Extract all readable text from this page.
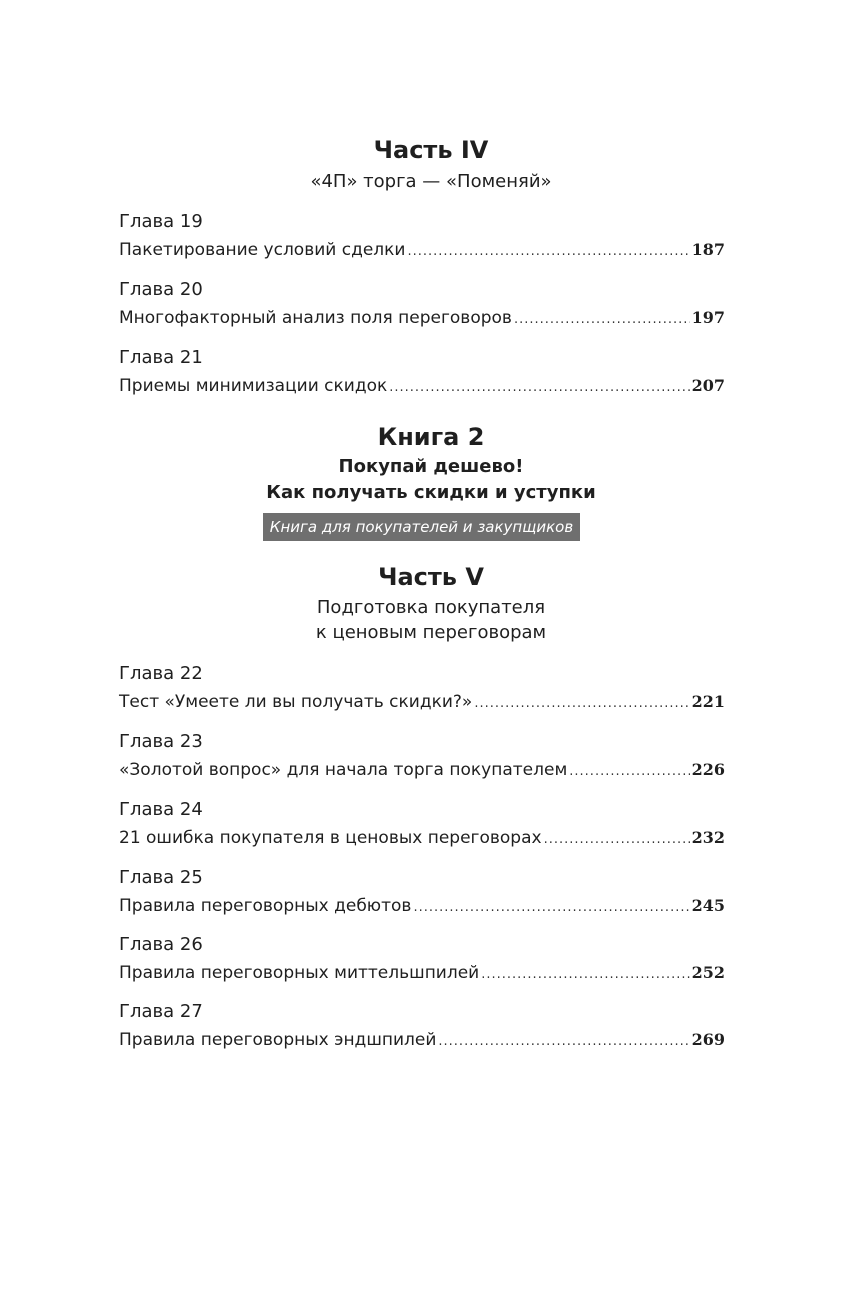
Часть IV
«4П» торга — «Поменяй»
Глава 19
Пакетирование условий сделки .....	187
Глава 20
Многофакторный анализ поля переговоров .....	197
Глава 21
Приемы минимизации скидок .....	207
Книга 2
Покупай дешево!
Как получать скидки и уступки
Книга для покупателей и закупщиков
Часть V
Подготовка покупателя
к ценовым переговорам
Глава 22
Тест «Умеете ли вы получать скидки?» .....	221
Глава 23
«Золотой вопрос» для начала торга покупателем .....	226
Глава 24
21 ошибка покупателя в ценовых переговорах .....	232
Глава 25
Правила переговорных дебютов .....	245
Глава 26
Правила переговорных миттельшпилей .....	252
Глава 27
Правила переговорных эндшпилей .....	269
